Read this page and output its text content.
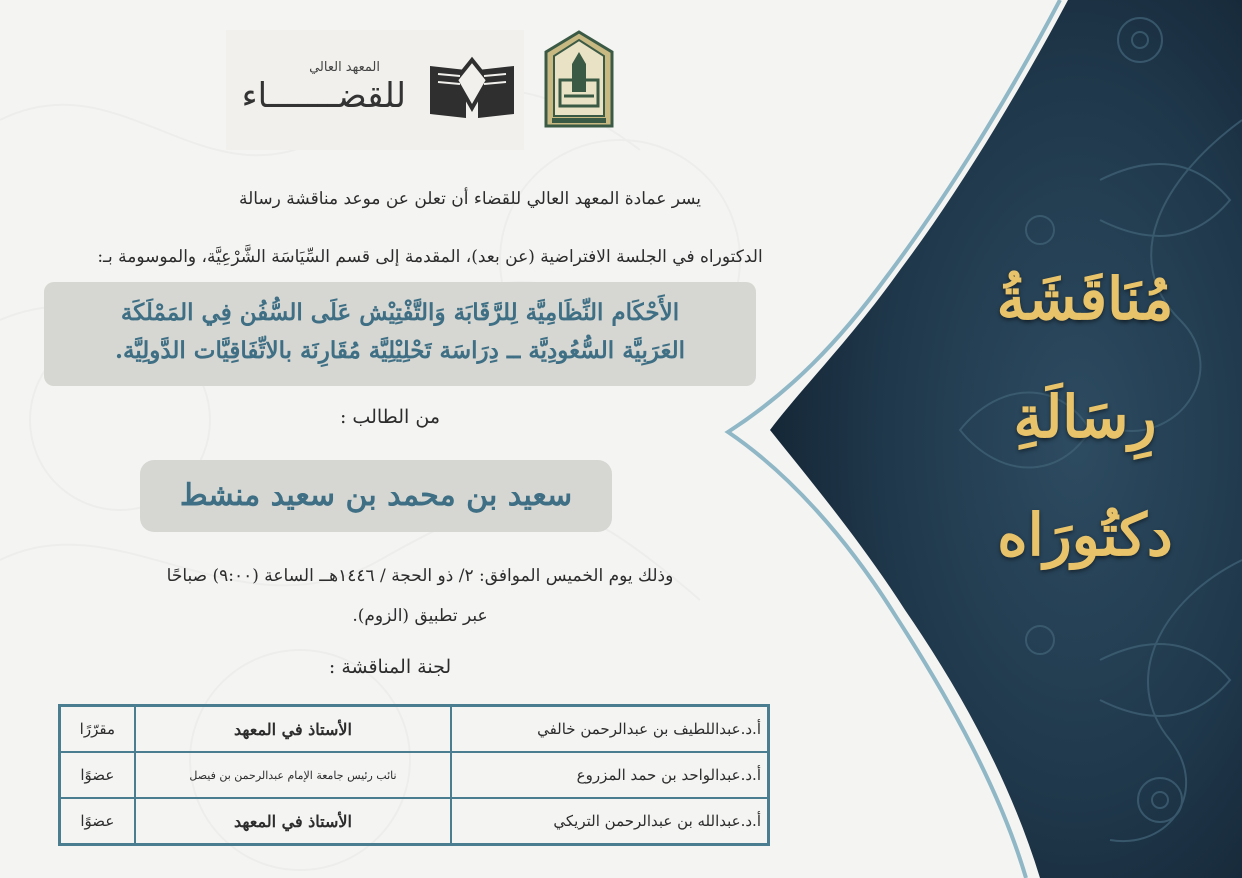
مُنَاقَشَةُ
رِسَالَةِ
دكتُورَاه
المعهد العالي
للقضـــــــاء
يسر عمادة المعهد العالي للقضاء أن تعلن عن موعد مناقشة رسالة
الدكتوراه في الجلسة الافتراضية (عن بعد)، المقدمة إلى قسم السِّيَاسَة الشَّرْعِيَّة، والموسومة بـ:
الأَحْكَام النِّظَامِيَّة لِلرَّقَابَة وَالتَّفْتِيْش عَلَى السُّفُن فِي المَمْلَكَة
العَرَبِيَّة السُّعُودِيَّة ــ دِرَاسَة تَحْلِيْلِيَّة مُقَارِنَة بالاتِّفَاقِيَّات الدَّولِيَّة.
من الطالب :
سعيد بن محمد بن سعيد منشط
وذلك يوم الخميس الموافق: ٢/ ذو الحجة / ١٤٤٦هــ الساعة (٩:٠٠) صباحًا
عبر تطبيق (الزوم).
لجنة المناقشة :
أ.د.عبداللطيف بن عبدالرحمن خالفي	الأستاذ في المعهد	مقرّرًا
أ.د.عبدالواحد بن حمد المزروع	نائب رئيس جامعة الإمام عبدالرحمن بن فيصل	عضوًا
أ.د.عبدالله بن عبدالرحمن التريكي	الأستاذ في المعهد	عضوًا
